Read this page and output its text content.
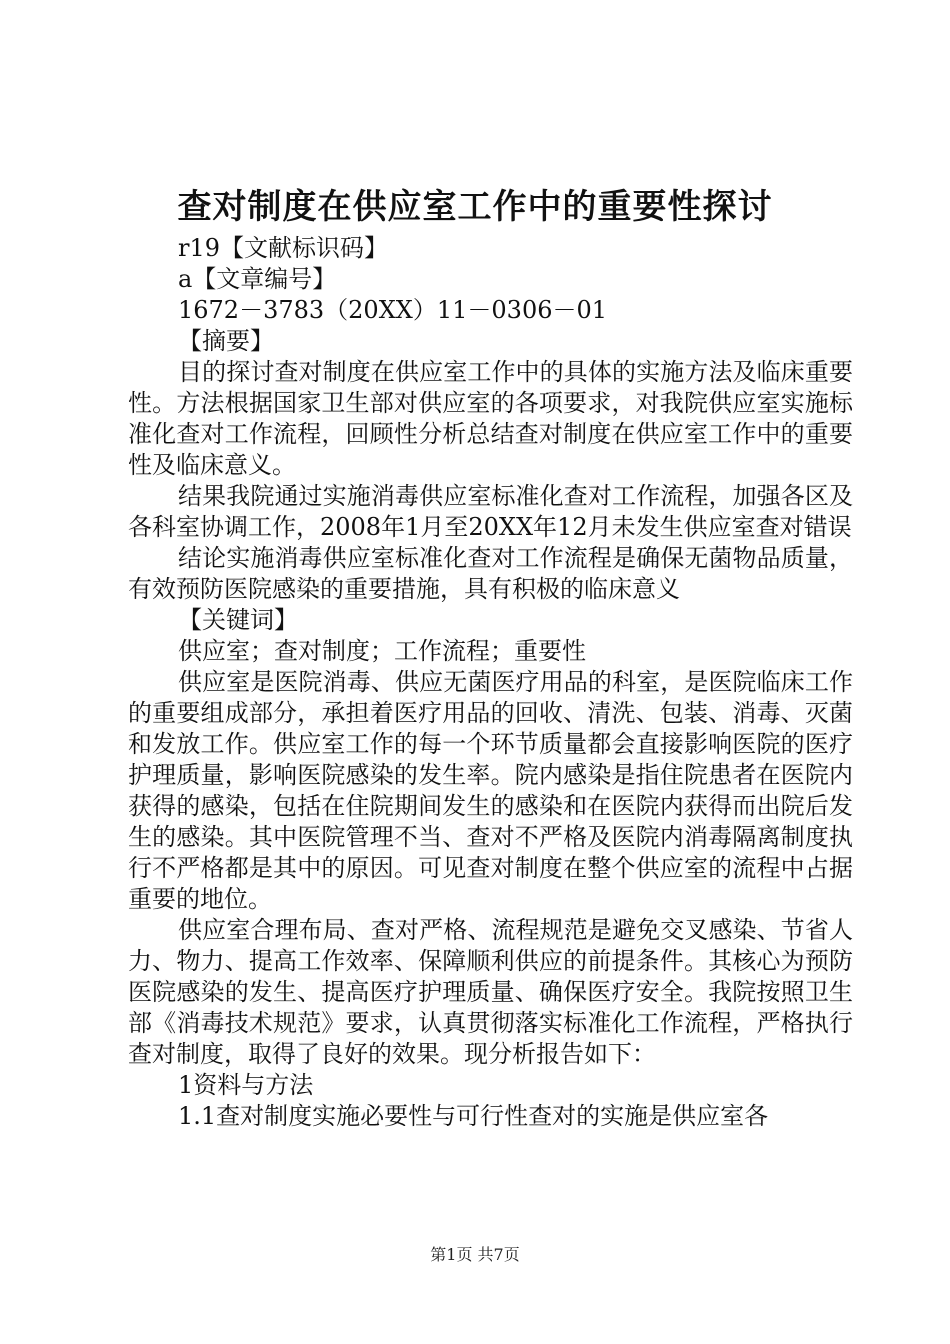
查对制度在供应室工作中的重要性探讨
r19【文献标识码】
a【文章编号】
1672－3783（20XX）11－0306－01
【摘要】

目的探讨查对制度在供应室工作中的具体的实施方法及临床重要性。方法根据国家卫生部对供应室的各项要求，对我院供应室实施标准化查对工作流程，回顾性分析总结查对制度在供应室工作中的重要性及临床意义。

结果我院通过实施消毒供应室标准化查对工作流程，加强各区及各科室协调工作，2008年1月至20XX年12月未发生供应室查对错误

结论实施消毒供应室标准化查对工作流程是确保无菌物品质量，有效预防医院感染的重要措施，具有积极的临床意义

【关键词】
供应室；查对制度；工作流程；重要性

供应室是医院消毒、供应无菌医疗用品的科室，是医院临床工作的重要组成部分，承担着医疗用品的回收、清洗、包装、消毒、灭菌和发放工作。供应室工作的每一个环节质量都会直接影响医院的医疗护理质量，影响医院感染的发生率。院内感染是指住院患者在医院内获得的感染，包括在住院期间发生的感染和在医院内获得而出院后发生的感染。其中医院管理不当、查对不严格及医院内消毒隔离制度执行不严格都是其中的原因。可见查对制度在整个供应室的流程中占据重要的地位。

供应室合理布局、查对严格、流程规范是避免交叉感染、节省人力、物力、提高工作效率、保障顺利供应的前提条件。其核心为预防医院感染的发生、提高医疗护理质量、确保医疗安全。我院按照卫生部《消毒技术规范》要求，认真贯彻落实标准化工作流程，严格执行查对制度，取得了良好的效果。现分析报告如下：

1资料与方法
1.1查对制度实施必要性与可行性查对的实施是供应室各
第1页 共7页
